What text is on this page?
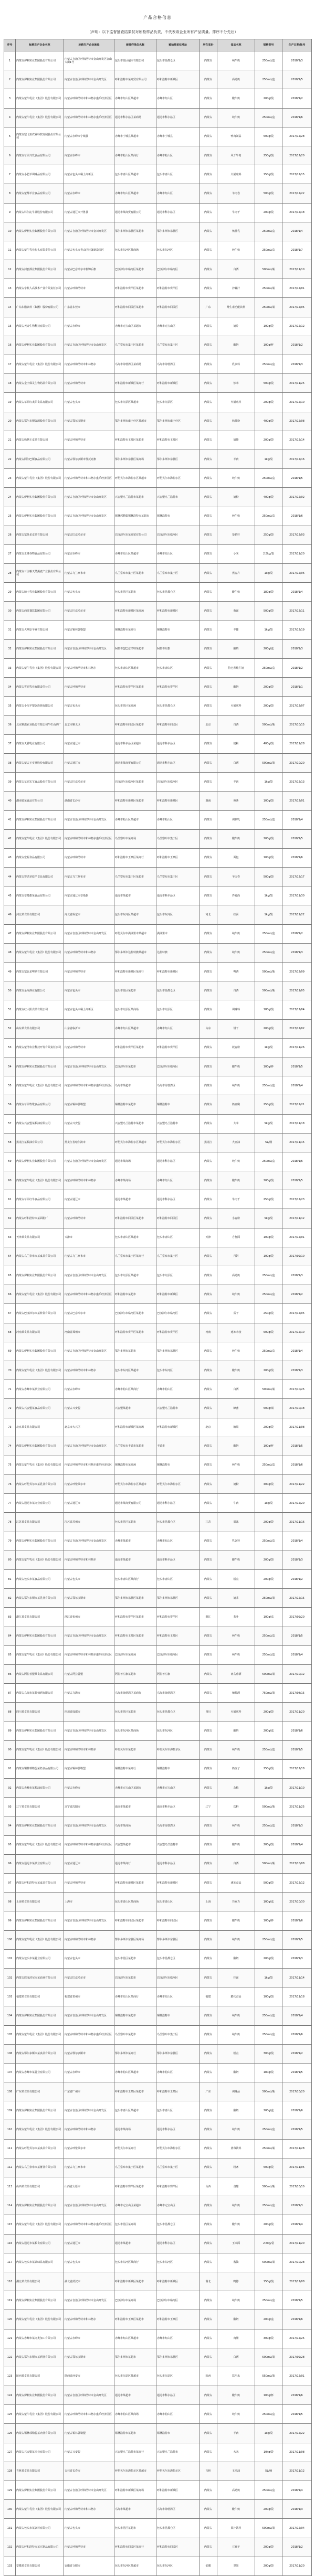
产品合格信息
（声明：以下监督抽查结果仅对所检样品负责，不代表该企业所有产品质量。排序不分先后）
序号	标称生产企业名称	标称生产企业地址	被抽样单位名称	被抽样单位地址	所在省份	食品名称	规格型号	生产日期/批号
1	内蒙古伊利实业集团股份有限公司	内蒙古自治区呼和浩特市金山开发区金山大街1号	包头市昆区超市有限公司	包头市昆都仑区	内蒙古	纯牛奶	250mL/盒	2018/1/3
2	内蒙古伊利实业集团股份有限公司	内蒙古自治区呼和浩特市金山开发区	呼和浩特市某商贸有限公司	呼和浩特市新城区	内蒙古	高钙奶	250mL/盒	2018/1/5
3	内蒙古蒙牛乳业（集团）股份有限公司	内蒙古呼和浩特市和林格尔盛乐经济园区	赤峰市红山区某超市	赤峰市红山区	内蒙古	酸牛奶	200g/袋	2018/1/2
4	内蒙古蒙牛乳业（集团）股份有限公司	内蒙古呼和浩特市和林格尔盛乐经济园区	通辽市科尔沁区某商场	通辽市科尔沁区	内蒙古	纯牛奶	250mL/盒	2018/1/6
5	内蒙古塞飞亚农业科技发展股份有限公司	内蒙古赤峰市宁城县	赤峰市宁城县某超市	赤峰市宁城县	内蒙古	鸭肉制品	500g/袋	2017/12/28
6	内蒙古草原兴发食品有限公司	内蒙古赤峰市	赤峰市松山区某商行	赤峰市松山区	内蒙古	风干牛肉	250g/袋	2017/12/20
7	内蒙古小肥羊调味品有限公司	内蒙古包头市稀土高新区	包头市青山区某超市	包头市青山区	内蒙古	火锅底料	150g/袋	2017/12/15
8	内蒙古蒙都羊业食品有限公司	内蒙古赤峰市	赤峰市红山区某超市	赤峰市红山区	内蒙古	羊肉卷	500g/袋	2017/12/22
9	内蒙古科尔沁牛业股份有限公司	内蒙古通辽市开鲁县	通辽市某商贸有限公司	通辽市科尔沁区	内蒙古	牛肉干	200g/袋	2017/12/18
10	内蒙古伊利实业集团股份有限公司	内蒙古自治区呼和浩特市金川开发区	鄂尔多斯市东胜区某超市	鄂尔多斯市东胜区	内蒙古	核桃乳	250mL/盒	2018/1/4
11	内蒙古蒙牛乳业包头有限责任公司	内蒙古包头市青山区装备制造园区	包头市东河区某商场	包头市东河区	内蒙古	纯牛奶	250mL/盒	2018/1/7
12	内蒙古河套酒业集团股份有限公司	内蒙古巴彦淖尔市杭锦后旗	巴彦淖尔市临河区某超市	巴彦淖尔市临河区	内蒙古	白酒	500mL/瓶	2017/11/10
13	内蒙古宇航人高技术产业有限责任公司	内蒙古呼和浩特市	呼和浩特市赛罕区某超市	呼和浩特市赛罕区	内蒙古	沙棘汁	250mL/瓶	2017/12/01
14	广东东鹏饮料（集团）股份有限公司	广东省东莞市	呼和浩特市回民区某超市	呼和浩特市回民区	广东	维生素功能饮料	250mL/瓶	2017/12/05
15	内蒙古天奇生物科技有限公司	内蒙古赤峰市	赤峰市元宝山区某超市	赤峰市元宝山区	内蒙古	奶片	100g/袋	2017/12/12
16	内蒙古伊利实业集团股份有限公司	内蒙古自治区呼和浩特市金山开发区	乌兰察布市集宁区某超市	乌兰察布市集宁区	内蒙古	酸奶	100g/杯	2018/1/2
17	内蒙古蒙牛乳业（集团）股份有限公司	内蒙古呼和浩特市和林格尔	乌海市海勃湾区某商场	乌海市海勃湾区	内蒙古	乳饮料	250mL/盒	2018/1/3
18	内蒙古金宇保灵生物药品有限公司	内蒙古呼和浩特市	呼和浩特市新城区某商行	呼和浩特市新城区	内蒙古	炒米	500g/袋	2017/11/25
19	内蒙古草原红太阳食品有限公司	内蒙古包头市	包头市九原区某超市	包头市九原区	内蒙古	火锅底料	200g/袋	2017/12/10
20	内蒙古鄂尔多斯资源股份有限公司	内蒙古鄂尔多斯市	鄂尔多斯市康巴什区某超市	鄂尔多斯市康巴什区	内蒙古	奶茶粉	400g/袋	2017/12/08
21	内蒙古奶酪王食品有限公司	内蒙古呼和浩特市	呼和浩特市玉泉区某超市	呼和浩特市玉泉区	内蒙古	奶酪	200g/袋	2017/12/14
22	内蒙古阿尔巴斯食品有限公司	内蒙古鄂尔多斯市鄂托克旗	鄂尔多斯市东胜区某商场	鄂尔多斯市东胜区	内蒙古	羊肉	1kg/袋	2017/12/16
23	内蒙古蒙牛乳业（集团）股份有限公司	内蒙古呼和浩特市和林格尔盛乐经济园区	呼伦贝尔市海拉尔区某超市	呼伦贝尔市海拉尔区	内蒙古	纯牛奶	250mL/盒	2018/1/5
24	内蒙古伊利实业集团股份有限公司	内蒙古自治区呼和浩特市金山开发区	兴安盟乌兰浩特市某超市	兴安盟乌兰浩特市	内蒙古	奶粉	400g/袋	2017/12/02
25	内蒙古伊利实业集团股份有限公司	内蒙古自治区呼和浩特市金山开发区	锡林郭勒盟锡林浩特市某超市	锡林浩特市	内蒙古	纯牛奶	250mL/盒	2018/1/6
26	内蒙古塞外星食品有限公司	内蒙古巴彦淖尔市	巴彦淖尔市某商贸有限公司	巴彦淖尔市临河区	内蒙古	葵花籽	250g/袋	2017/12/03
27	内蒙古正隆谷物食品有限公司	内蒙古赤峰市	赤峰市红山区某超市	赤峰市红山区	内蒙古	小米	2.5kg/袋	2017/11/20
28	内蒙古三主粮天然燕麦产业股份有限公司	内蒙古乌兰察布市	乌兰察布市集宁区某超市	乌兰察布市集宁区	内蒙古	燕麦片	1kg/袋	2017/12/06
29	内蒙古骑士乳业集团股份有限公司	内蒙古包头市	包头市昆区某超市	包头市昆都仑区	内蒙古	酸牛奶	180g/袋	2018/1/4
30	内蒙古西贝餐饮集团有限公司	内蒙古巴彦淖尔市	呼和浩特市新城区某商场	呼和浩特市新城区	内蒙古	莜面	500g/袋	2017/12/11
31	内蒙古大草原羊业有限公司	内蒙古锡林郭勒盟	锡林浩特市某商行	锡林浩特市	内蒙古	羊排	1kg/袋	2017/12/19
32	内蒙古伊利实业集团股份有限公司	内蒙古自治区呼和浩特市金山开发区	阿拉善盟巴彦浩特某超市	阿拉善左旗	内蒙古	酸奶	200g/盒	2018/1/3
33	内蒙古蒙牛乳业（集团）股份有限公司	内蒙古呼和浩特市和林格尔	包头市青山区某超市	包头市青山区	内蒙古	特仑苏纯牛奶	250mL/盒	2018/1/2
34	内蒙古雪原乳业有限责任公司	内蒙古呼和浩特市	呼和浩特市赛罕区某超市	呼和浩特市赛罕区	内蒙古	酸奶	200g/袋	2018/1/1
35	内蒙古小尾羊餐饮连锁有限公司	内蒙古包头市	包头市昆区某商场	包头市昆都仑区	内蒙古	火锅底料	200g/袋	2017/12/07
36	北京顺鑫农业股份有限公司牛栏山酒厂	北京市顺义区	呼和浩特市回民区某超市	呼和浩特市回民区	北京	白酒	500mL/瓶	2017/10/15
37	内蒙古天骄乳业有限公司	内蒙古通辽市	通辽市科尔沁区某超市	通辽市科尔沁区	内蒙古	奶粉	400g/袋	2017/11/28
38	内蒙古蒙古王实业股份有限公司	内蒙古通辽市	通辽市某商贸有限公司	通辽市科尔沁区	内蒙古	白酒	500mL/瓶	2017/10/20
39	内蒙古草原宏宝食品股份有限公司	内蒙古巴彦淖尔市	巴彦淖尔市临河区某超市	巴彦淖尔市临河区	内蒙古	羊肉	1kg/袋	2017/12/13
40	湖南省某食品有限公司	湖南省长沙市	呼和浩特市新城区某超市	呼和浩特市新城区	湖南	辣条	100g/袋	2017/12/01
41	内蒙古伊利实业集团股份有限公司	内蒙古自治区呼和浩特市金山开发区	赤峰市松山区某超市	赤峰市松山区	内蒙古	调制乳	250mL/盒	2018/1/4
42	内蒙古蒙牛乳业（集团）股份有限公司	内蒙古呼和浩特市和林格尔盛乐经济园区	乌兰察布市某商场	乌兰察布市集宁区	内蒙古	酸牛奶	200g/袋	2018/1/5
43	内蒙古宏福食品有限公司	内蒙古呼和浩特市	呼和浩特市玉泉区某商行	呼和浩特市玉泉区	内蒙古	面包	100g/袋	2018/1/6
44	内蒙古赛诺草原羊食品有限公司	内蒙古乌兰察布市	乌兰察布市集宁区某超市	乌兰察布市集宁区	内蒙古	羊肉卷	500g/袋	2017/12/17
45	内蒙古奈曼旗某食品有限公司	内蒙古通辽市奈曼旗	通辽市某超市	通辽市科尔沁区	内蒙古	荞麦面	1kg/袋	2017/11/30
46	河北某食品有限公司	河北省保定市	包头市东河区某超市	包头市东河区	河北	挂面	1kg/袋	2017/11/22
47	内蒙古伊利实业集团股份有限公司	内蒙古自治区呼和浩特市金山开发区	呼伦贝尔市满洲里市某超市	满洲里市	内蒙古	纯牛奶	250mL/盒	2018/1/2
48	内蒙古蒙牛乳业（集团）股份有限公司	内蒙古呼和浩特市和林格尔	鄂尔多斯市达拉特旗某超市	达拉特旗	内蒙古	纯牛奶	250mL/盒	2018/1/3
49	内蒙古塞北星啤酒有限公司	内蒙古呼和浩特市	呼和浩特市新城区某商行	呼和浩特市新城区	内蒙古	啤酒	500mL/瓶	2017/12/09
50	内蒙古金河酒业有限公司	内蒙古包头市	包头市昆区某超市	包头市昆都仑区	内蒙古	白酒	500mL/瓶	2017/11/05
51	内蒙古红太阳食品有限公司	内蒙古包头市稀土高新区	包头市九原区某商场	包头市九原区	内蒙古	调味料	180g/袋	2017/12/04
52	山东某食品有限公司	山东省临沂市	赤峰市红山区某超市	赤峰市红山区	山东	饼干	200g/袋	2017/12/02
53	内蒙古蒙清农业科技开发有限责任公司	内蒙古呼和浩特市	呼和浩特市赛罕区某超市	呼和浩特市赛罕区	内蒙古	莜麦粉	1kg/袋	2017/11/26
54	内蒙古伊利实业集团股份有限公司	内蒙古自治区呼和浩特市金山开发区	巴彦淖尔市某超市	巴彦淖尔市临河区	内蒙古	酸牛奶	100g/杯	2018/1/5
55	内蒙古蒙牛乳业（集团）股份有限公司	内蒙古呼和浩特市和林格尔盛乐经济园区	乌海市某超市	乌海市海勃湾区	内蒙古	纯牛奶	250mL/盒	2018/1/4
56	内蒙古草原牧歌食品有限公司	内蒙古锡林郭勒盟	锡林浩特市某超市	锡林浩特市	内蒙古	奶豆腐	250g/袋	2017/12/21
57	内蒙古兴安盟某粮油有限公司	内蒙古兴安盟	兴安盟乌兰浩特市某超市	兴安盟乌兰浩特市	内蒙古	大米	5kg/袋	2017/11/18
58	黑龙江某粮油有限公司	黑龙江省哈尔滨市	呼伦贝尔市海拉尔区某超市	呼伦贝尔市海拉尔区	黑龙江	大豆油	5L/桶	2017/11/15
59	内蒙古伊利实业集团股份有限公司	内蒙古自治区呼和浩特市金山开发区	通辽市某商场	通辽市科尔沁区	内蒙古	纯牛奶	250mL/盒	2018/1/6
60	内蒙古蒙牛乳业（集团）股份有限公司	内蒙古呼和浩特市和林格尔	赤峰市某商场	赤峰市红山区	内蒙古	酸牛奶	200g/袋	2018/1/5
61	内蒙古草原红牛食品有限公司	内蒙古通辽市	通辽市某超市	通辽市科尔沁区	内蒙古	牛肉干	250g/袋	2017/12/23
62	内蒙古呼和浩特市某面粉厂	内蒙古呼和浩特市	呼和浩特市回民区某超市	呼和浩特市回民区	内蒙古	小麦粉	5kg/袋	2017/11/12
63	天津某食品有限公司	天津市	包头市青山区某超市	包头市青山区	天津	方便面	100g/袋	2017/12/01
64	内蒙古乌兰察布市某食品有限公司	内蒙古乌兰察布市	乌兰察布市集宁区某商行	乌兰察布市集宁区	内蒙古	月饼	100g/袋	2017/09/10
65	内蒙古伊利实业集团股份有限公司	内蒙古自治区呼和浩特市金山开发区	包头市九原区某超市	包头市九原区	内蒙古	高钙奶	250mL/盒	2018/1/3
66	内蒙古蒙牛乳业（集团）股份有限公司	内蒙古呼和浩特市和林格尔盛乐经济园区	呼和浩特市某超市	呼和浩特市新城区	内蒙古	纯牛奶	250mL/盒	2018/1/2
67	内蒙古巴彦淖尔市某炒货有限公司	内蒙古巴彦淖尔市	巴彦淖尔市临河区某超市	巴彦淖尔市临河区	内蒙古	瓜子	250g/袋	2017/12/05
68	河南某食品有限公司	河南省郑州市	呼和浩特市赛罕区某超市	呼和浩特市赛罕区	河南	速冻水饺	500g/袋	2017/12/10
69	内蒙古伊利实业集团股份有限公司	内蒙古自治区呼和浩特市金山开发区	鄂尔多斯市某超市	鄂尔多斯市东胜区	内蒙古	纯牛奶	250mL/盒	2018/1/4
70	内蒙古蒙牛乳业（集团）股份有限公司	内蒙古呼和浩特市和林格尔	包头市东河区某超市	包头市东河区	内蒙古	酸牛奶	200g/袋	2018/1/3
71	内蒙古赤峰市某酒业有限公司	内蒙古赤峰市	赤峰市松山区某商行	赤峰市松山区	内蒙古	白酒	500mL/瓶	2017/10/25
72	内蒙古兴安盟某食品有限公司	内蒙古兴安盟	兴安盟某超市	兴安盟乌兰浩特市	内蒙古	蜂蜜	500g/瓶	2017/10/18
73	北京某食品有限公司	北京市大兴区	呼和浩特市新城区某商场	呼和浩特市新城区	北京	糖果	200g/袋	2017/11/08
74	内蒙古伊利实业集团股份有限公司	内蒙古自治区呼和浩特市金山开发区	乌兰察布市丰镇市某超市	丰镇市	内蒙古	酸奶	100g/杯	2018/1/5
75	内蒙古蒙牛乳业（集团）股份有限公司	内蒙古呼和浩特市和林格尔盛乐经济园区	锡林浩特市某商场	锡林浩特市	内蒙古	纯牛奶	250mL/盒	2018/1/6
76	内蒙古呼伦贝尔市某乳业有限公司	内蒙古呼伦贝尔市	呼伦贝尔市海拉尔区某超市	呼伦贝尔市海拉尔区	内蒙古	奶粉	400g/袋	2017/11/22
77	内蒙古通辽市某肉业有限公司	内蒙古通辽市	通辽市某商贸有限公司	通辽市科尔沁区	内蒙古	牛肉	1kg/袋	2017/12/20
78	江苏某食品有限公司	江苏省苏州市	包头市昆区某超市	包头市昆都仑区	江苏	果冻	200g/袋	2017/11/16
79	内蒙古伊利实业集团股份有限公司	内蒙古自治区呼和浩特市金山开发区	赤峰市某超市	赤峰市红山区	内蒙古	乳饮料	250mL/盒	2018/1/4
80	内蒙古蒙牛乳业（集团）股份有限公司	内蒙古呼和浩特市和林格尔	通辽市某超市	通辽市科尔沁区	内蒙古	酸牛奶	200g/袋	2018/1/3
81	内蒙古包头市某食品有限公司	内蒙古包头市	包头市青山区某商行	包头市青山区	内蒙古	糕点	200g/袋	2018/1/2
82	内蒙古鄂尔多斯市某乳业有限公司	内蒙古鄂尔多斯市	鄂尔多斯市东胜区某超市	鄂尔多斯市东胜区	内蒙古	奶茶	250mL/瓶	2017/12/15
83	浙江某食品有限公司	浙江省杭州市	呼和浩特市赛罕区某超市	呼和浩特市赛罕区	浙江	茶叶	100g/盒	2017/09/20
84	内蒙古伊利实业集团股份有限公司	内蒙古自治区呼和浩特市金山开发区	呼和浩特市玉泉区某超市	呼和浩特市玉泉区	内蒙古	纯牛奶	250mL/盒	2018/1/5
85	内蒙古蒙牛乳业（集团）股份有限公司	内蒙古呼和浩特市和林格尔盛乐经济园区	巴彦淖尔市某商场	巴彦淖尔市临河区	内蒙古	纯牛奶	250mL/盒	2018/1/4
86	内蒙古阿拉善盟某食品有限公司	内蒙古阿拉善盟	阿拉善左旗某超市	阿拉善左旗	内蒙古	肉苁蓉酒	500mL/瓶	2017/10/12
87	内蒙古乌海市某葡萄酒有限公司	内蒙古乌海市	乌海市海勃湾区某商行	乌海市海勃湾区	内蒙古	葡萄酒	750mL/瓶	2017/08/15
88	四川某食品有限公司	四川省成都市	包头市昆区某超市	包头市昆都仑区	四川	火锅底料	200g/袋	2017/11/20
89	内蒙古伊利实业集团股份有限公司	内蒙古自治区呼和浩特市金山开发区	包头市东河区某商场	包头市东河区	内蒙古	酸奶	200g/盒	2018/1/6
90	内蒙古蒙牛乳业（集团）股份有限公司	内蒙古呼和浩特市和林格尔	呼伦贝尔市某超市	呼伦贝尔市海拉尔区	内蒙古	纯牛奶	250mL/盒	2018/1/5
91	内蒙古锡林郭勒盟某奶食品有限公司	内蒙古锡林郭勒盟	锡林浩特市某商行	锡林浩特市	内蒙古	奶皮子	250g/袋	2017/12/18
92	内蒙古赤峰市某粮油有限公司	内蒙古赤峰市	赤峰市元宝山区某超市	赤峰市元宝山区	内蒙古	杂粮	1kg/袋	2017/11/10
93	辽宁某食品有限公司	辽宁省沈阳市	通辽市某超市	通辽市科尔沁区	辽宁	饮料	500mL/瓶	2017/11/25
94	内蒙古伊利实业集团股份有限公司	内蒙古自治区呼和浩特市金山开发区	乌海市某商场	乌海市海勃湾区	内蒙古	纯牛奶	250mL/盒	2018/1/3
95	内蒙古蒙牛乳业（集团）股份有限公司	内蒙古呼和浩特市和林格尔盛乐经济园区	兴安盟某超市	兴安盟乌兰浩特市	内蒙古	酸牛奶	200g/袋	2018/1/4
96	内蒙古通辽市某酒业有限公司	内蒙古通辽市	通辽市某商行	通辽市科尔沁区	内蒙古	白酒	500mL/瓶	2017/10/08
97	内蒙古呼和浩特市某食品有限公司	内蒙古呼和浩特市	呼和浩特市新城区某超市	呼和浩特市新城区	内蒙古	速冻食品	500g/袋	2017/12/12
98	上海某食品有限公司	上海市	包头市青山区某商场	包头市青山区	上海	巧克力	100g/盒	2017/10/30
99	内蒙古伊利实业集团股份有限公司	内蒙古自治区呼和浩特市金山开发区	呼和浩特市回民区某超市	呼和浩特市回民区	内蒙古	酸牛奶	100g/杯	2018/1/6
100	内蒙古蒙牛乳业（集团）股份有限公司	内蒙古呼和浩特市和林格尔	鄂尔多斯市东胜区某商场	鄂尔多斯市东胜区	内蒙古	纯牛奶	250mL/盒	2018/1/5
101	内蒙古包头市某乳业有限公司	内蒙古包头市	包头市昆区某超市	包头市昆都仑区	内蒙古	酸奶	200g/袋	2018/1/3
102	内蒙古巴彦淖尔市某面业有限公司	内蒙古巴彦淖尔市	巴彦淖尔市某超市	巴彦淖尔市临河区	内蒙古	挂面	1kg/袋	2017/11/14
103	福建某食品有限公司	福建省泉州市	赤峰市红山区某商行	赤峰市红山区	福建	膨化食品	100g/袋	2017/11/18
104	内蒙古伊利实业集团股份有限公司	内蒙古自治区呼和浩特市金山开发区	锡林浩特市某超市	锡林浩特市	内蒙古	纯牛奶	250mL/盒	2018/1/4
105	内蒙古蒙牛乳业（集团）股份有限公司	内蒙古呼和浩特市和林格尔盛乐经济园区	乌兰察布市某超市	乌兰察布市集宁区	内蒙古	纯牛奶	250mL/盒	2018/1/6
106	内蒙古鄂尔多斯市某食品有限公司	内蒙古鄂尔多斯市	鄂尔多斯市某商行	鄂尔多斯市东胜区	内蒙古	糕点	300g/袋	2018/1/2
107	内蒙古赤峰市某乳业有限公司	内蒙古赤峰市	赤峰市松山区某超市	赤峰市松山区	内蒙古	酸奶	180g/袋	2018/1/5
108	广东某食品有限公司	广东省广州市	呼和浩特市玉泉区某超市	呼和浩特市玉泉区	广东	调味品	500mL/瓶	2017/10/20
109	内蒙古伊利实业集团股份有限公司	内蒙古自治区呼和浩特市金山开发区	包头市青山区某超市	包头市青山区	内蒙古	酸奶	200g/盒	2018/1/6
110	内蒙古蒙牛乳业（集团）股份有限公司	内蒙古呼和浩特市和林格尔	通辽市某商场	通辽市科尔沁区	内蒙古	纯牛奶	250mL/盒	2018/1/5
111	内蒙古呼伦贝尔市某食品有限公司	内蒙古呼伦贝尔市	呼伦贝尔市某商行	呼伦贝尔市海拉尔区	内蒙古	蓝莓饮料	250mL/瓶	2017/11/28
112	内蒙古乌兰察布市某薯业有限公司	内蒙古乌兰察布市	乌兰察布市集宁区某超市	乌兰察布市集宁区	内蒙古	粉条	500g/袋	2017/11/05
113	山西某食品有限公司	山西省太原市	呼和浩特市赛罕区某超市	呼和浩特市赛罕区	山西	食醋	500mL/瓶	2017/10/10
114	内蒙古伊利实业集团股份有限公司	内蒙古自治区呼和浩特市金山开发区	赤峰市元宝山区某超市	赤峰市元宝山区	内蒙古	纯牛奶	250mL/盒	2018/1/3
115	内蒙古蒙牛乳业（集团）股份有限公司	内蒙古呼和浩特市和林格尔盛乐经济园区	包头市昆区某商场	包头市昆都仑区	内蒙古	酸牛奶	200g/袋	2018/1/4
116	内蒙古通辽市某粮食有限公司	内蒙古通辽市	通辽市某超市	通辽市科尔沁区	内蒙古	玉米面	2.5kg/袋	2017/11/20
117	内蒙古包头市某调味品有限公司	内蒙古包头市	包头市东河区某商行	包头市东河区	内蒙古	酱油	500mL/瓶	2017/10/28
118	湖北某食品有限公司	湖北省武汉市	呼和浩特市新城区某超市	呼和浩特市新城区	湖北	鸭脖	150g/袋	2017/12/08
119	内蒙古伊利实业集团股份有限公司	内蒙古自治区呼和浩特市金山开发区	巴彦淖尔市某商场	巴彦淖尔市临河区	内蒙古	纯牛奶	250mL/盒	2018/1/5
120	内蒙古蒙牛乳业（集团）股份有限公司	内蒙古呼和浩特市和林格尔	呼和浩特市玉泉区某超市	呼和浩特市玉泉区	内蒙古	酸奶	200g/盒	2018/1/6
121	内蒙古赤峰市某肉类加工有限公司	内蒙古赤峰市	赤峰市红山区某超市	赤峰市红山区	内蒙古	肉肠	300g/袋	2017/12/25
122	内蒙古鄂尔多斯市某酒业有限公司	内蒙古鄂尔多斯市	鄂尔多斯市某超市	鄂尔多斯市东胜区	内蒙古	白酒	500mL/瓶	2017/09/28
123	陕西某食品有限公司	陕西省西安市	包头市九原区某超市	包头市九原区	陕西	饮用水	550mL/瓶	2017/12/01
124	内蒙古伊利实业集团股份有限公司	内蒙古自治区呼和浩特市金山开发区	通辽市某超市	通辽市科尔沁区	内蒙古	酸牛奶	100g/杯	2018/1/6
125	内蒙古蒙牛乳业（集团）股份有限公司	内蒙古呼和浩特市和林格尔盛乐经济园区	赤峰市松山区某商场	赤峰市松山区	内蒙古	纯牛奶	250mL/盒	2018/1/5
126	内蒙古锡林郭勒盟某肉业有限公司	内蒙古锡林郭勒盟	锡林浩特市某超市	锡林浩特市	内蒙古	羊肉	1kg/袋	2017/12/22
127	内蒙古兴安盟某米业有限公司	内蒙古兴安盟	兴安盟乌兰浩特市某商行	兴安盟乌兰浩特市	内蒙古	大米	10kg/袋	2017/11/08
128	吉林某食品有限公司	吉林省长春市	呼伦贝尔市海拉尔区某超市	呼伦贝尔市海拉尔区	吉林	玉米油	5L/桶	2017/11/12
129	内蒙古伊利实业集团股份有限公司	内蒙古自治区呼和浩特市金山开发区	呼和浩特市新城区某商场	呼和浩特市新城区	内蒙古	高钙奶	250mL/盒	2018/1/4
130	内蒙古蒙牛乳业（集团）股份有限公司	内蒙古呼和浩特市和林格尔	乌海市某超市	乌海市海勃湾区	内蒙古	酸牛奶	200g/袋	2018/1/3
131	内蒙古包头市某饮料有限公司	内蒙古包头市	包头市昆区某超市	包头市昆都仑区	内蒙古	果汁饮料	500mL/瓶	2017/12/04
132	内蒙古呼和浩特市某豆制品有限公司	内蒙古呼和浩特市	呼和浩特市回民区某商行	呼和浩特市回民区	内蒙古	豆腐干	200g/袋	2018/1/2
133	安徽某食品有限公司	安徽省合肥市	包头市东河区某超市	包头市东河区	安徽	坚果	200g/袋	2017/11/20
